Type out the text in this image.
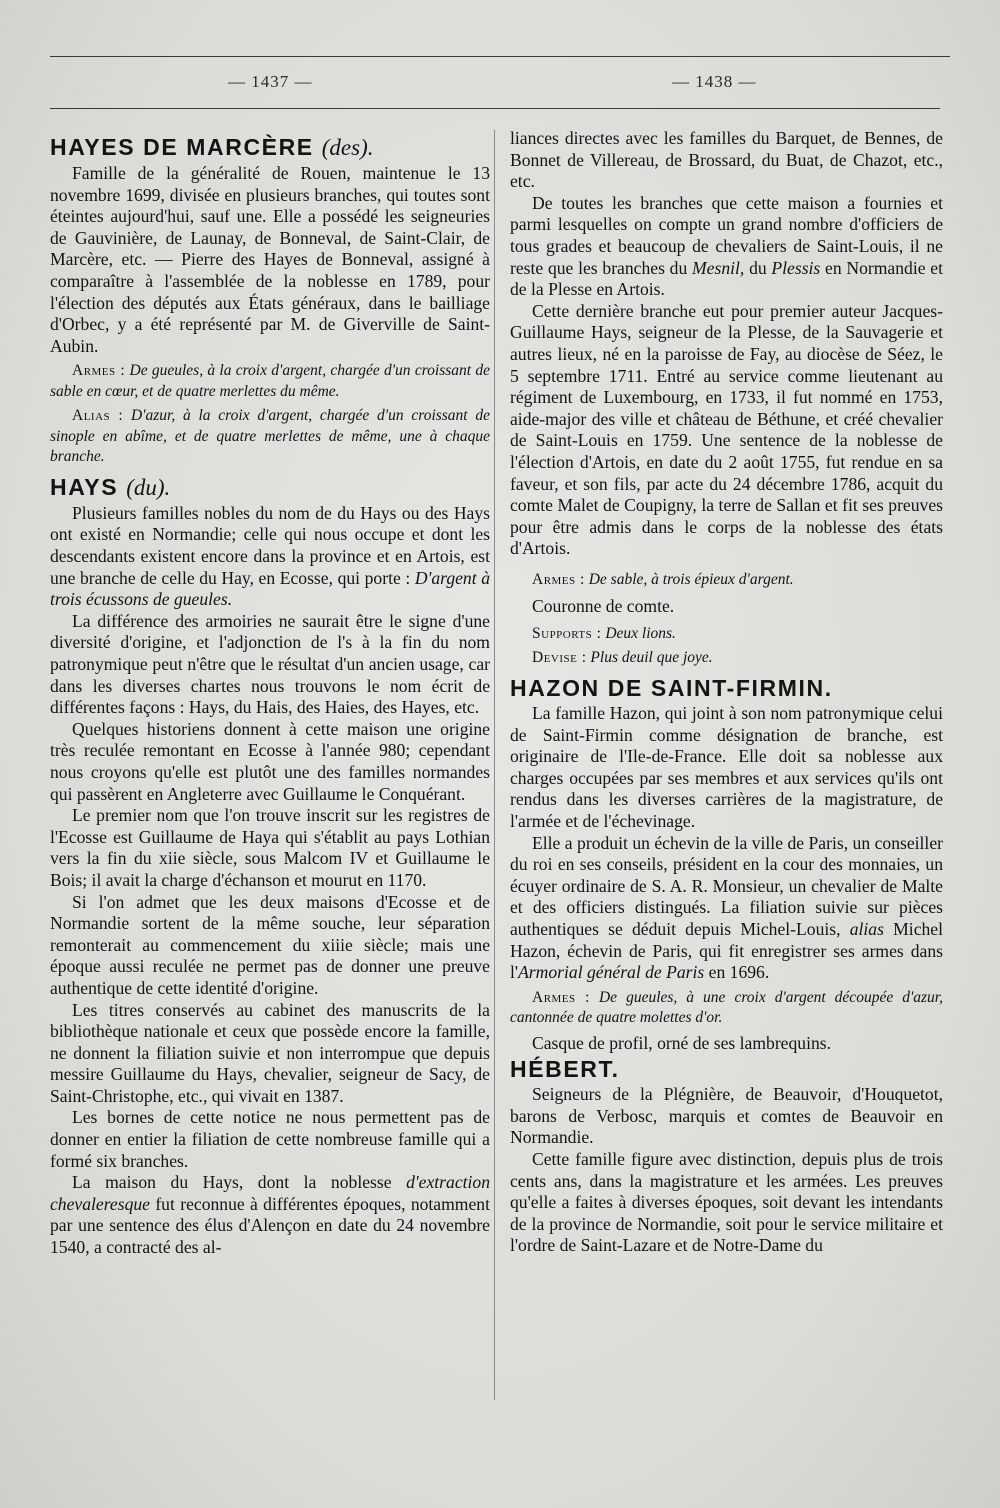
— 1437 —	— 1438 —
HAYES DE MARCÈRE (des).

Famille de la généralité de Rouen, maintenue le 13 novembre 1699, divisée en plusieurs branches, qui toutes sont éteintes aujourd'hui, sauf une. Elle a possédé les seigneuries de Gauvinière, de Launay, de Bonneval, de Saint-Clair, de Marcère, etc. — Pierre des Hayes de Bonneval, assigné à comparaître à l'assemblée de la noblesse en 1789, pour l'élection des députés aux États généraux, dans le bailliage d'Orbec, y a été représenté par M. de Giverville de Saint-Aubin.

Armes : De gueules, à la croix d'argent, chargée d'un croissant de sable en cœur, et de quatre merlettes du même.

Alias : D'azur, à la croix d'argent, chargée d'un croissant de sinople en abîme, et de quatre merlettes de même, une à chaque branche.

HAYS (du).

Plusieurs familles nobles du nom de du Hays ou des Hays ont existé en Normandie; celle qui nous occupe et dont les descendants existent encore dans la province et en Artois, est une branche de celle du Hay, en Ecosse, qui porte : D'argent à trois écussons de gueules.

La différence des armoiries ne saurait être le signe d'une diversité d'origine, et l'adjonction de l's à la fin du nom patronymique peut n'être que le résultat d'un ancien usage, car dans les diverses chartes nous trouvons le nom écrit de différentes façons : Hays, du Hais, des Haies, des Hayes, etc.

Quelques historiens donnent à cette maison une origine très reculée remontant en Ecosse à l'année 980; cependant nous croyons qu'elle est plutôt une des familles normandes qui passèrent en Angleterre avec Guillaume le Conquérant.

Le premier nom que l'on trouve inscrit sur les registres de l'Ecosse est Guillaume de Haya qui s'établit au pays Lothian vers la fin du xiie siècle, sous Malcom IV et Guillaume le Bois; il avait la charge d'échanson et mourut en 1170.

Si l'on admet que les deux maisons d'Ecosse et de Normandie sortent de la même souche, leur séparation remonterait au commencement du xiiie siècle; mais une époque aussi reculée ne permet pas de donner une preuve authentique de cette identité d'origine.

Les titres conservés au cabinet des manuscrits de la bibliothèque nationale et ceux que possède encore la famille, ne donnent la filiation suivie et non interrompue que depuis messire Guillaume du Hays, chevalier, seigneur de Sacy, de Saint-Christophe, etc., qui vivait en 1387.

Les bornes de cette notice ne nous permettent pas de donner en entier la filiation de cette nombreuse famille qui a formé six branches.

La maison du Hays, dont la noblesse d'extraction chevaleresque fut reconnue à différentes époques, notamment par une sentence des élus d'Alençon en date du 24 novembre 1540, a contracté des al-

liances directes avec les familles du Barquet, de Bennes, de Bonnet de Villereau, de Brossard, du Buat, de Chazot, etc., etc.

De toutes les branches que cette maison a fournies et parmi lesquelles on compte un grand nombre d'officiers de tous grades et beaucoup de chevaliers de Saint-Louis, il ne reste que les branches du Mesnil, du Plessis en Normandie et de la Plesse en Artois.

Cette dernière branche eut pour premier auteur Jacques-Guillaume Hays, seigneur de la Plesse, de la Sauvagerie et autres lieux, né en la paroisse de Fay, au diocèse de Séez, le 5 septembre 1711. Entré au service comme lieutenant au régiment de Luxembourg, en 1733, il fut nommé en 1753, aide-major des ville et château de Béthune, et créé chevalier de Saint-Louis en 1759. Une sentence de la noblesse de l'élection d'Artois, en date du 2 août 1755, fut rendue en sa faveur, et son fils, par acte du 24 décembre 1786, acquit du comte Malet de Coupigny, la terre de Sallan et fit ses preuves pour être admis dans le corps de la noblesse des états d'Artois.

Armes : De sable, à trois épieux d'argent.

Couronne de comte.

Supports : Deux lions.

Devise : Plus deuil que joye.

HAZON DE SAINT-FIRMIN.

La famille Hazon, qui joint à son nom patronymique celui de Saint-Firmin comme désignation de branche, est originaire de l'Ile-de-France. Elle doit sa noblesse aux charges occupées par ses membres et aux services qu'ils ont rendus dans les diverses carrières de la magistrature, de l'armée et de l'échevinage.

Elle a produit un échevin de la ville de Paris, un conseiller du roi en ses conseils, président en la cour des monnaies, un écuyer ordinaire de S. A. R. Monsieur, un chevalier de Malte et des officiers distingués. La filiation suivie sur pièces authentiques se déduit depuis Michel-Louis, alias Michel Hazon, échevin de Paris, qui fit enregistrer ses armes dans l'Armorial général de Paris en 1696.

Armes : De gueules, à une croix d'argent découpée d'azur, cantonnée de quatre molettes d'or.

Casque de profil, orné de ses lambrequins.

HÉBERT.

Seigneurs de la Plégnière, de Beauvoir, d'Houquetot, barons de Verbosc, marquis et comtes de Beauvoir en Normandie.

Cette famille figure avec distinction, depuis plus de trois cents ans, dans la magistrature et les armées. Les preuves qu'elle a faites à diverses époques, soit devant les intendants de la province de Normandie, soit pour le service militaire et l'ordre de Saint-Lazare et de Notre-Dame du
